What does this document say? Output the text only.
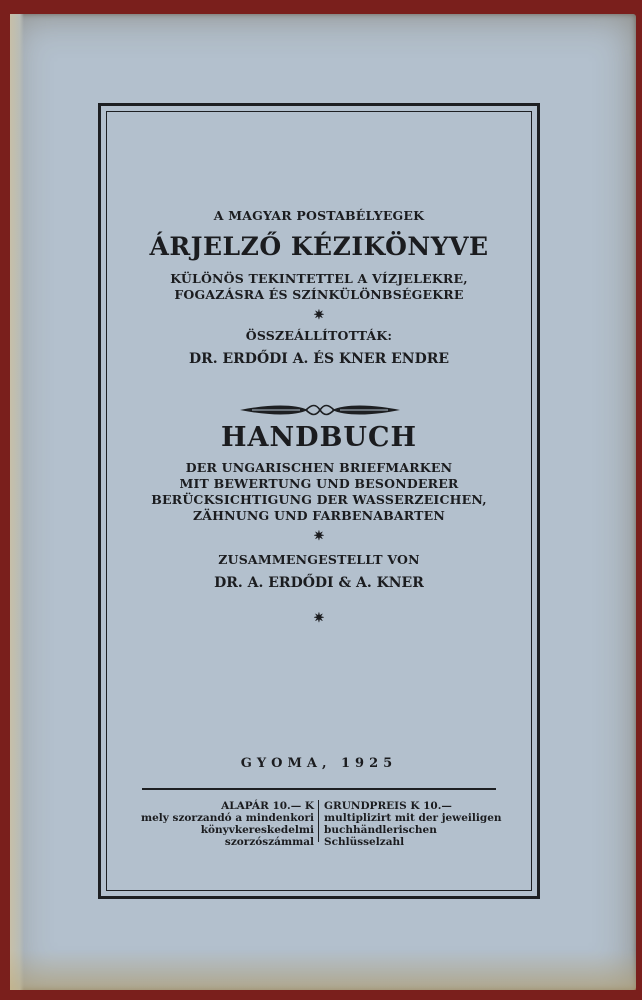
A MAGYAR POSTABÉLYEGEK
ÁRJELZŐ KÉZIKÖNYVE
KÜLÖNÖS TEKINTETTEL A VÍZJELEKRE,
FOGAZÁSRA ÉS SZÍNKÜLÖNBSÉGEKRE
✷
ÖSSZEÁLLÍTOTTÁK:
DR. ERDŐDI A. ÉS KNER ENDRE
HANDBUCH
DER UNGARISCHEN BRIEFMARKEN
MIT BEWERTUNG UND BESONDERER
BERÜCKSICHTIGUNG DER WASSERZEICHEN,
ZÄHNUNG UND FARBENABARTEN
✷
ZUSAMMENGESTELLT VON
DR. A. ERDŐDI & A. KNER
✷
GYOMA, 1925
ALAPÁR 10.— K
mely szorzandó a mindenkori
könyvkereskedelmi
szorzószámmal
GRUNDPREIS K 10.—
multiplizirt mit der jeweiligen
buchhändlerischen
Schlüsselzahl
